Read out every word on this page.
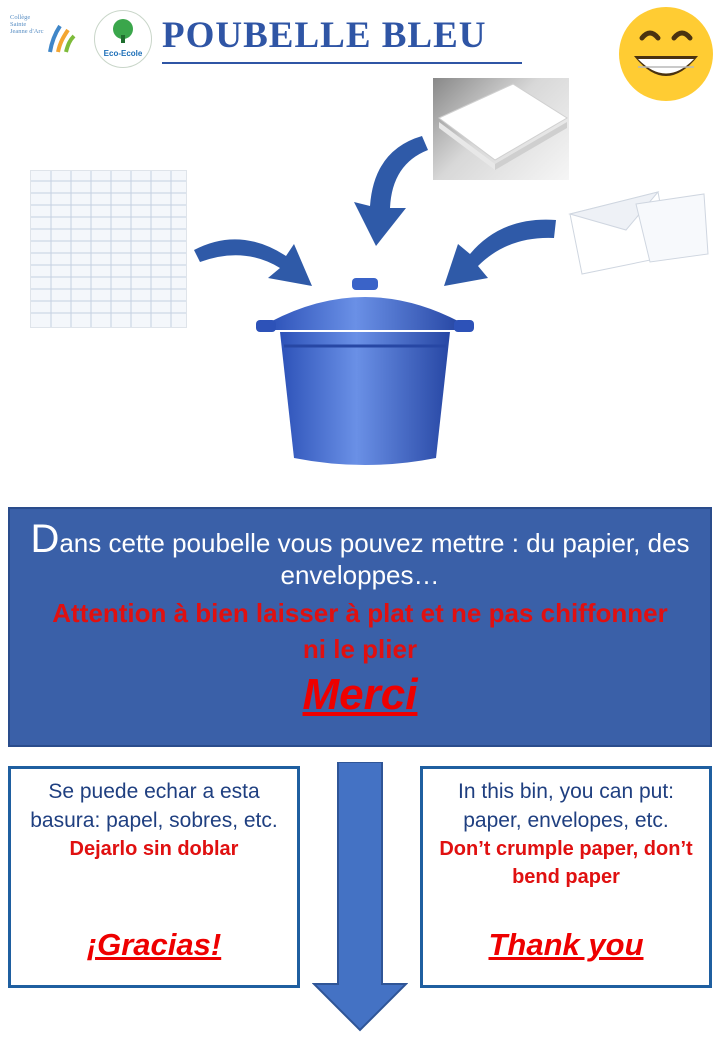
Collège Sainte Jeanne d'Arc
Eco-Ecole POUBELLE BLEU
Dans cette poubelle vous pouvez mettre : du papier, des enveloppes…
Attention à bien laisser à plat et ne pas chiffonner ni le plier
Merci
Se puede echar a esta basura: papel, sobres, etc.
Dejarlo sin doblar
¡Gracias!
In this bin, you can put: paper, envelopes, etc.
Don’t crumple paper, don’t bend paper
Thank you
